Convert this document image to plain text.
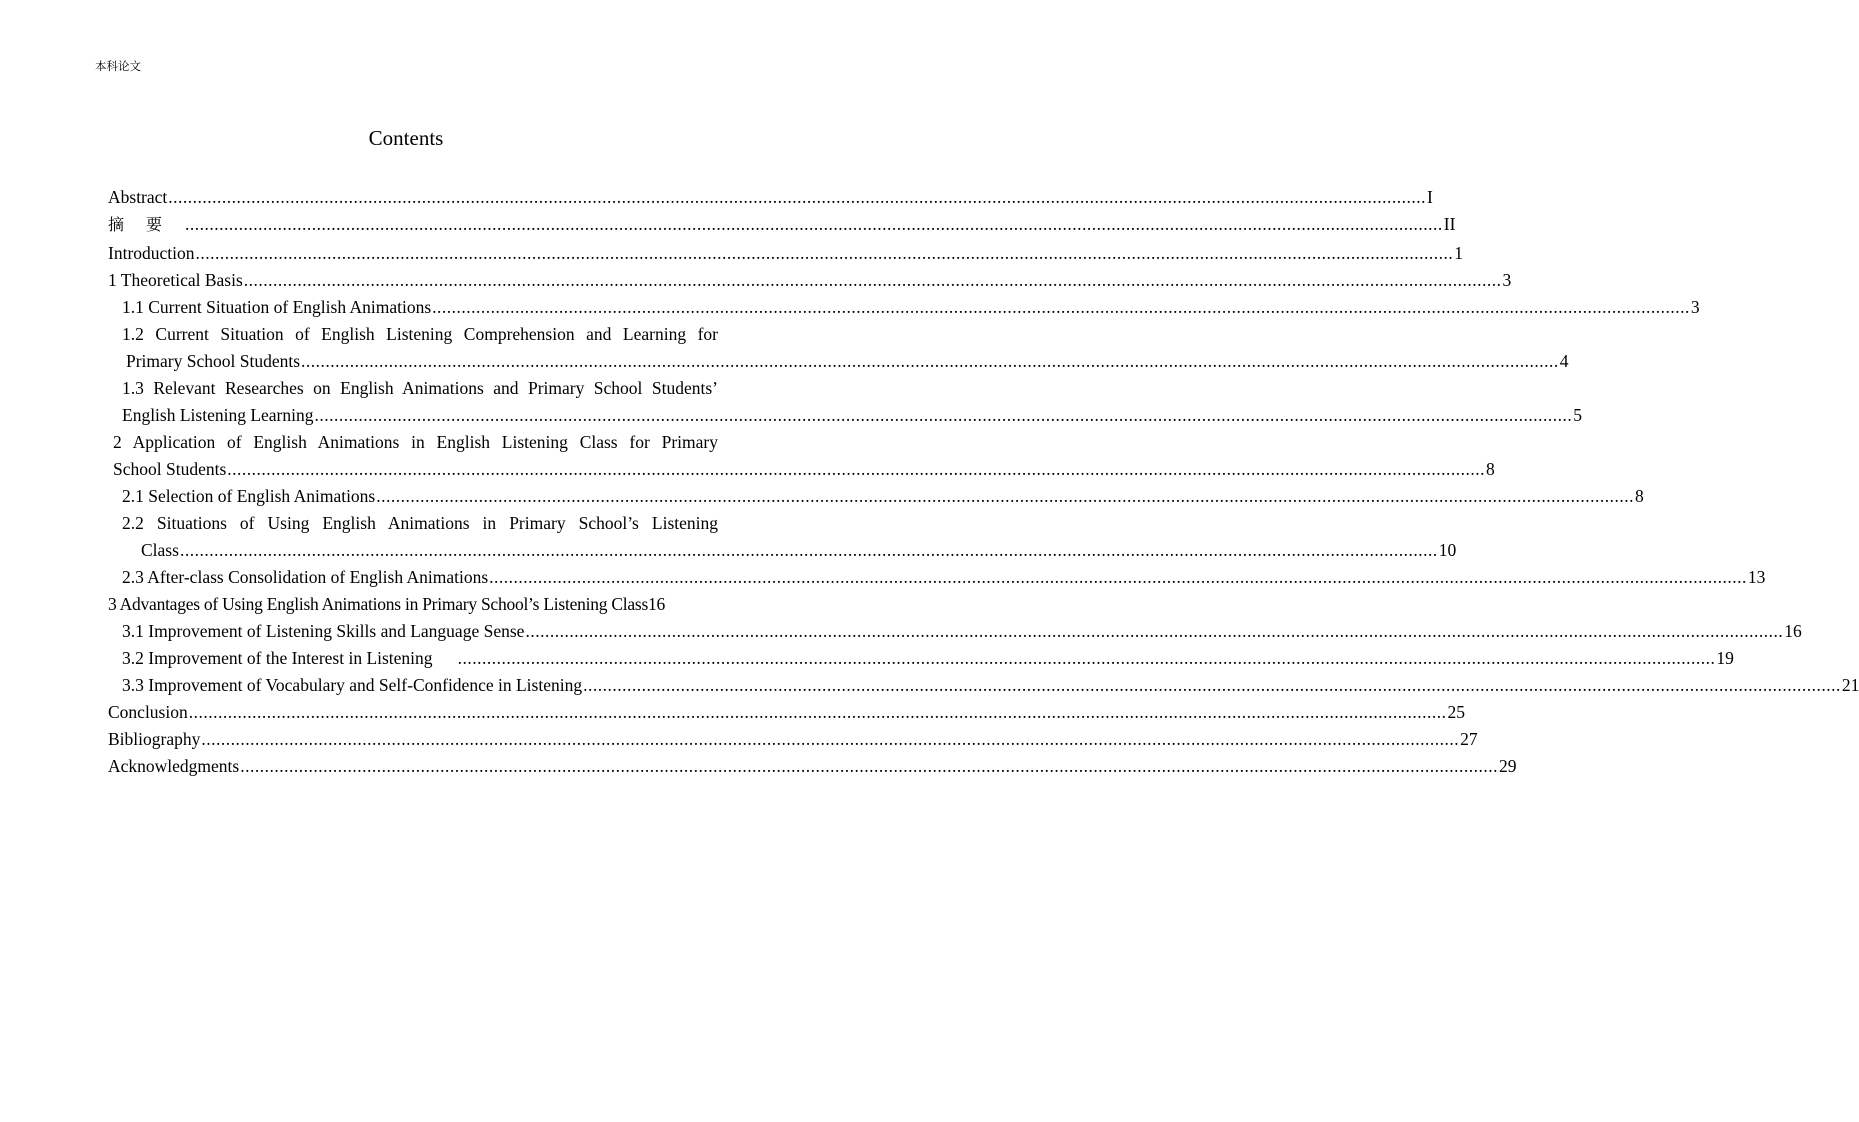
本科论文
Contents
Abstract .................................................................................................................................................................................................................................................................. I
摘要 .................................................................................................................................................................................................................................................................. II
Introduction .................................................................................................................................................................................................................................................................. 1
1 Theoretical Basis .................................................................................................................................................................................................................................................................. 3
1.1 Current Situation of English Animations .................................................................................................................................................................................................................................................................. 3
1.2 Current Situation of English Listening Comprehension and Learning for
Primary School Students .................................................................................................................................................................................................................................................................. 4
1.3 Relevant Researches on English Animations and Primary School Students’
English Listening Learning .................................................................................................................................................................................................................................................................. 5
2 Application of English Animations in English Listening Class for Primary
School Students .................................................................................................................................................................................................................................................................. 8
2.1 Selection of English Animations .................................................................................................................................................................................................................................................................. 8
2.2 Situations of Using English Animations in Primary School’s Listening
Class .................................................................................................................................................................................................................................................................. 10
2.3 After-class Consolidation of English Animations .................................................................................................................................................................................................................................................................. 13
3 Advantages of Using English Animations in Primary School’s Listening Class 16
3.1 Improvement of Listening Skills and Language Sense .................................................................................................................................................................................................................................................................. 16
3.2 Improvement of the Interest in Listening .................................................................................................................................................................................................................................................................. 19
3.3 Improvement of Vocabulary and Self-Confidence in Listening .................................................................................................................................................................................................................................................................. 21
Conclusion .................................................................................................................................................................................................................................................................. 25
Bibliography .................................................................................................................................................................................................................................................................. 27
Acknowledgments .................................................................................................................................................................................................................................................................. 29
